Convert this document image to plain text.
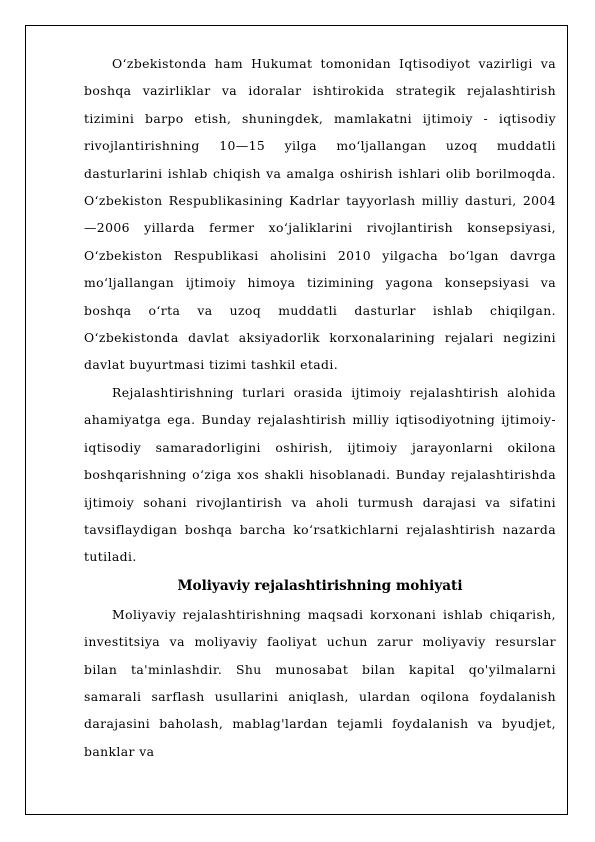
O‘zbekistonda ham Hukumat tomonidan Iqtisodiyot vazirligi va boshqa vazirliklar va idoralar ishtirokida strategik rejalashtirish tizimini barpo etish, shuningdek, mamlakatni ijtimoiy - iqtisodiy rivojlantirishning 10—15 yilga mo‘ljallangan uzoq muddatli dasturlarini ishlab chiqish va amalga oshirish ishlari olib borilmoqda. O‘zbekiston Respublikasining Kadrlar tayyorlash milliy dasturi, 2004—2006 yillarda fermer xo‘jaliklarini rivojlantirish konsepsiyasi, O‘zbekiston Respublikasi aholisini 2010 yilgacha bo‘lgan davrga mo‘ljallangan ijtimoiy himoya tizimining yagona konsepsiyasi va boshqa o‘rta va uzoq muddatli dasturlar ishlab chiqilgan. O‘zbekistonda davlat aksiyadorlik korxonalarining rejalari negizini davlat buyurtmasi tizimi tashkil etadi.

Rejalashtirishning turlari orasida ijtimoiy rejalashtirish alohida ahamiyatga ega. Bunday rejalashtirish milliy iqtisodiyotning ijtimoiy-iqtisodiy samaradorligini oshirish, ijtimoiy jarayonlarni okilona boshqarishning o‘ziga xos shakli hisoblanadi. Bunday rejalashtirishda ijtimoiy sohani rivojlantirish va aholi turmush darajasi va sifatini tavsiflaydigan boshqa barcha ko‘rsatkichlarni rejalashtirish nazarda tutiladi.

Moliyaviy rejalashtirishning mohiyati

Moliyaviy rejalashtirishning maqsadi korxonani ishlab chiqarish, investitsiya va moliyaviy faoliyat uchun zarur moliyaviy resurslar bilan ta'minlashdir. Shu munosabat bilan kapital qo'yilmalarni samarali sarflash usullarini aniqlash, ulardan oqilona foydalanish darajasini baholash, mablag'lardan tejamli foydalanish va byudjet, banklar va
